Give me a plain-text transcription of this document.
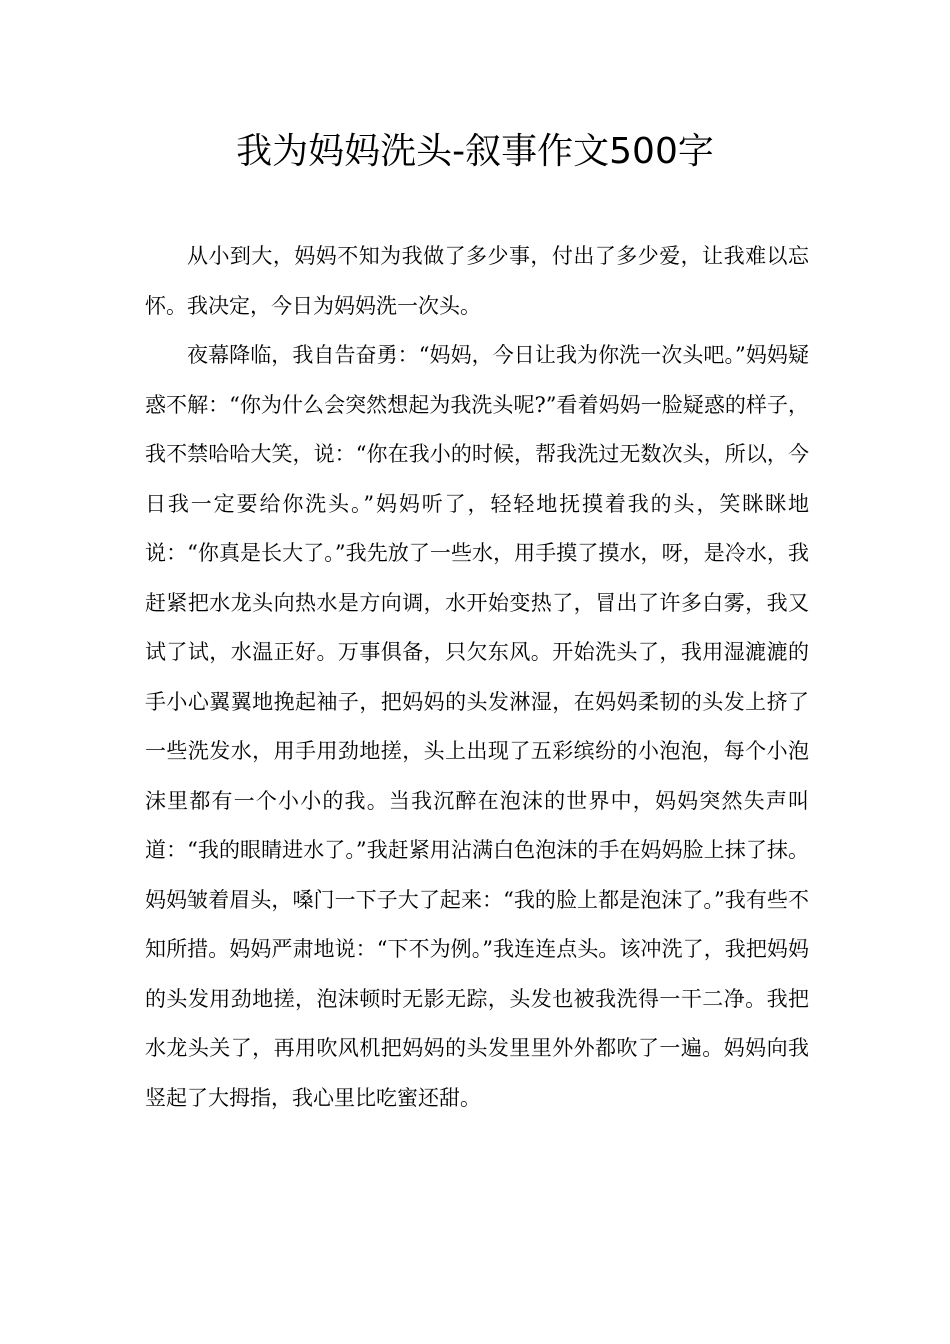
我为妈妈洗头-叙事作文500字

从小到大，妈妈不知为我做了多少事，付出了多少爱，让我难以忘怀。我决定，今日为妈妈洗一次头。

夜幕降临，我自告奋勇：“妈妈，今日让我为你洗一次头吧。”妈妈疑惑不解：“你为什么会突然想起为我洗头呢?”看着妈妈一脸疑惑的样子，我不禁哈哈大笑，说：“你在我小的时候，帮我洗过无数次头，所以，今日我一定要给你洗头。”妈妈听了，轻轻地抚摸着我的头，笑眯眯地说：“你真是长大了。”我先放了一些水，用手摸了摸水，呀，是冷水，我赶紧把水龙头向热水是方向调，水开始变热了，冒出了许多白雾，我又试了试，水温正好。万事俱备，只欠东风。开始洗头了，我用湿漉漉的手小心翼翼地挽起袖子，把妈妈的头发淋湿，在妈妈柔韧的头发上挤了一些洗发水，用手用劲地搓，头上出现了五彩缤纷的小泡泡，每个小泡沫里都有一个小小的我。当我沉醉在泡沫的世界中，妈妈突然失声叫道：“我的眼睛进水了。”我赶紧用沾满白色泡沫的手在妈妈脸上抹了抹。妈妈皱着眉头，嗓门一下子大了起来：“我的脸上都是泡沫了。”我有些不知所措。妈妈严肃地说：“下不为例。”我连连点头。该冲洗了，我把妈妈的头发用劲地搓，泡沫顿时无影无踪，头发也被我洗得一干二净。我把水龙头关了，再用吹风机把妈妈的头发里里外外都吹了一遍。妈妈向我竖起了大拇指，我心里比吃蜜还甜。
